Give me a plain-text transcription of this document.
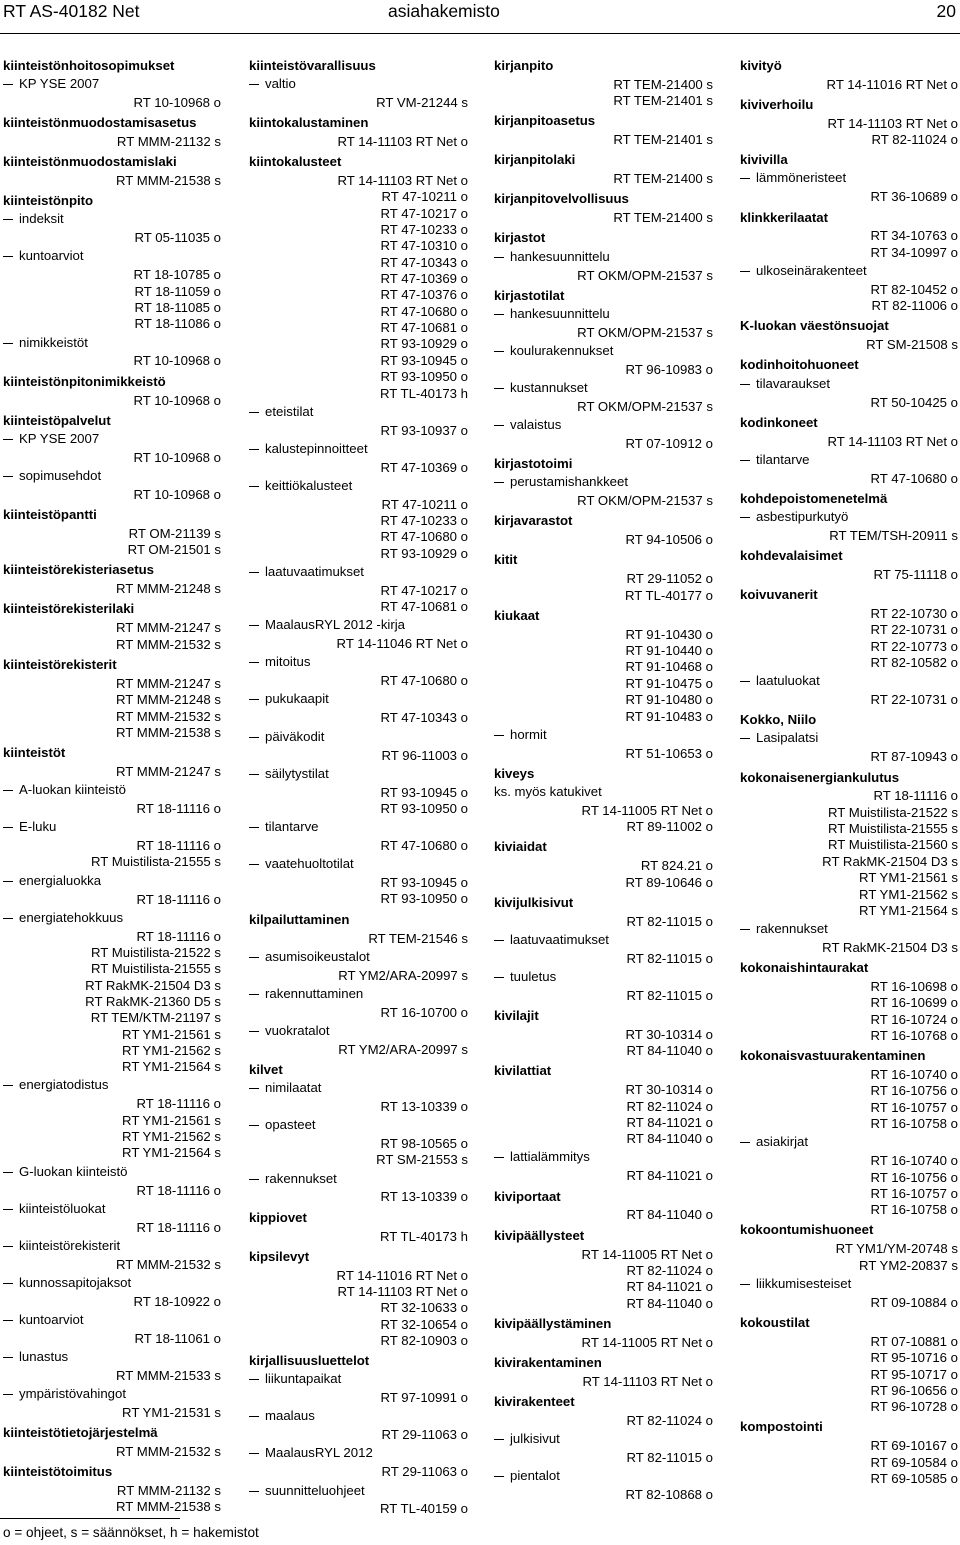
RT AS-40182 Net	asiahakemisto	20
kiinteistönhoitosopimukset
KP YSE 2007
RT 10-10968 o
kiinteistönmuodostamisasetus
RT MMM-21132 s
kiinteistönmuodostamislaki
RT MMM-21538 s
kiinteistönpito
indeksit
RT 05-11035 o
kuntoarviot
RT 18-10785 o
RT 18-11059 o
RT 18-11085 o
RT 18-11086 o
nimikkeistöt
RT 10-10968 o
kiinteistönpitonimikkeistö
RT 10-10968 o
kiinteistöpalvelut
KP YSE 2007
RT 10-10968 o
sopimusehdot
RT 10-10968 o
kiinteistöpantti
RT OM-21139 s
RT OM-21501 s
kiinteistörekisteriasetus
RT MMM-21248 s
kiinteistörekisterilaki
RT MMM-21247 s
RT MMM-21532 s
kiinteistörekisterit
RT MMM-21247 s
RT MMM-21248 s
RT MMM-21532 s
RT MMM-21538 s
kiinteistöt
RT MMM-21247 s
A-luokan kiinteistö
RT 18-11116 o
E-luku
RT 18-11116 o
RT Muistilista-21555 s
energialuokka
RT 18-11116 o
energiatehokkuus
RT 18-11116 o
RT Muistilista-21522 s
RT Muistilista-21555 s
RT RakMK-21504 D3 s
RT RakMK-21360 D5 s
RT TEM/KTM-21197 s
RT YM1-21561 s
RT YM1-21562 s
RT YM1-21564 s
energiatodistus
RT 18-11116 o
RT YM1-21561 s
RT YM1-21562 s
RT YM1-21564 s
G-luokan kiinteistö
RT 18-11116 o
kiinteistöluokat
RT 18-11116 o
kiinteistörekisterit
RT MMM-21532 s
kunnossapitojaksot
RT 18-10922 o
kuntoarviot
RT 18-11061 o
lunastus
RT MMM-21533 s
ympäristövahingot
RT YM1-21531 s
kiinteistötietojärjestelmä
RT MMM-21532 s
kiinteistötoimitus
RT MMM-21132 s
RT MMM-21538 s
kiinteistövarallisuus
valtio
RT VM-21244 s
kiintokalustaminen
RT 14-11103 RT Net o
kiintokalusteet
RT 14-11103 RT Net o
RT 47-10211 o
RT 47-10217 o
RT 47-10233 o
RT 47-10310 o
RT 47-10343 o
RT 47-10369 o
RT 47-10376 o
RT 47-10680 o
RT 47-10681 o
RT 93-10929 o
RT 93-10945 o
RT 93-10950 o
RT TL-40173 h
eteistilat
RT 93-10937 o
kalustepinnoitteet
RT 47-10369 o
keittiökalusteet
RT 47-10211 o
RT 47-10233 o
RT 47-10680 o
RT 93-10929 o
laatuvaatimukset
RT 47-10217 o
RT 47-10681 o
MaalausRYL 2012 -kirja
RT 14-11046 RT Net o
mitoitus
RT 47-10680 o
pukukaapit
RT 47-10343 o
päiväkodit
RT 96-11003 o
säilytystilat
RT 93-10945 o
RT 93-10950 o
tilantarve
RT 47-10680 o
vaatehuoltotilat
RT 93-10945 o
RT 93-10950 o
kilpailuttaminen
RT TEM-21546 s
asumisoikeustalot
RT YM2/ARA-20997 s
rakennuttaminen
RT 16-10700 o
vuokratalot
RT YM2/ARA-20997 s
kilvet
nimilaatat
RT 13-10339 o
opasteet
RT 98-10565 o
RT SM-21553 s
rakennukset
RT 13-10339 o
kippiovet
RT TL-40173 h
kipsilevyt
RT 14-11016 RT Net o
RT 14-11103 RT Net o
RT 32-10633 o
RT 32-10654 o
RT 82-10903 o
kirjallisuusluettelot
liikuntapaikat
RT 97-10991 o
maalaus
RT 29-11063 o
MaalausRYL 2012
RT 29-11063 o
suunnitteluohjeet
RT TL-40159 o
kirjanpito
RT TEM-21400 s
RT TEM-21401 s
kirjanpitoasetus
RT TEM-21401 s
kirjanpitolaki
RT TEM-21400 s
kirjanpitovelvollisuus
RT TEM-21400 s
kirjastot
hankesuunnittelu
RT OKM/OPM-21537 s
kirjastotilat
hankesuunnittelu
RT OKM/OPM-21537 s
koulurakennukset
RT 96-10983 o
kustannukset
RT OKM/OPM-21537 s
valaistus
RT 07-10912 o
kirjastotoimi
perustamishankkeet
RT OKM/OPM-21537 s
kirjavarastot
RT 94-10506 o
kitit
RT 29-11052 o
RT TL-40177 o
kiukaat
RT 91-10430 o
RT 91-10440 o
RT 91-10468 o
RT 91-10475 o
RT 91-10480 o
RT 91-10483 o
hormit
RT 51-10653 o
kiveys
ks. myös katukivet
RT 14-11005 RT Net o
RT 89-11002 o
kiviaidat
RT 824.21 o
RT 89-10646 o
kivijulkisivut
RT 82-11015 o
laatuvaatimukset
RT 82-11015 o
tuuletus
RT 82-11015 o
kivilajit
RT 30-10314 o
RT 84-11040 o
kivilattiat
RT 30-10314 o
RT 82-11024 o
RT 84-11021 o
RT 84-11040 o
lattialämmitys
RT 84-11021 o
kiviportaat
RT 84-11040 o
kivipäällysteet
RT 14-11005 RT Net o
RT 82-11024 o
RT 84-11021 o
RT 84-11040 o
kivipäällystäminen
RT 14-11005 RT Net o
kivirakentaminen
RT 14-11103 RT Net o
kivirakenteet
RT 82-11024 o
julkisivut
RT 82-11015 o
pientalot
RT 82-10868 o
kivityö
RT 14-11016 RT Net o
kiviverhoilu
RT 14-11103 RT Net o
RT 82-11024 o
kivivilla
lämmöneristeet
RT 36-10689 o
klinkkerilaatat
RT 34-10763 o
RT 34-10997 o
ulkoseinärakenteet
RT 82-10452 o
RT 82-11006 o
K-luokan väestönsuojat
RT SM-21508 s
kodinhoitohuoneet
tilavaraukset
RT 50-10425 o
kodinkoneet
RT 14-11103 RT Net o
tilantarve
RT 47-10680 o
kohdepoistomenetelmä
asbestipurkutyö
RT TEM/TSH-20911 s
kohdevalaisimet
RT 75-11118 o
koivuvanerit
RT 22-10730 o
RT 22-10731 o
RT 22-10773 o
RT 82-10582 o
laatuluokat
RT 22-10731 o
Kokko, Niilo
Lasipalatsi
RT 87-10943 o
kokonaisenergiankulutus
RT 18-11116 o
RT Muistilista-21522 s
RT Muistilista-21555 s
RT Muistilista-21560 s
RT RakMK-21504 D3 s
RT YM1-21561 s
RT YM1-21562 s
RT YM1-21564 s
rakennukset
RT RakMK-21504 D3 s
kokonaishintaurakat
RT 16-10698 o
RT 16-10699 o
RT 16-10724 o
RT 16-10768 o
kokonaisvastuurakentaminen
RT 16-10740 o
RT 16-10756 o
RT 16-10757 o
RT 16-10758 o
asiakirjat
RT 16-10740 o
RT 16-10756 o
RT 16-10757 o
RT 16-10758 o
kokoontumishuoneet
RT YM1/YM-20748 s
RT YM2-20837 s
liikkumisesteiset
RT 09-10884 o
kokoustilat
RT 07-10881 o
RT 95-10716 o
RT 95-10717 o
RT 96-10656 o
RT 96-10728 o
kompostointi
RT 69-10167 o
RT 69-10584 o
RT 69-10585 o
o = ohjeet, s = säännökset, h = hakemistot
